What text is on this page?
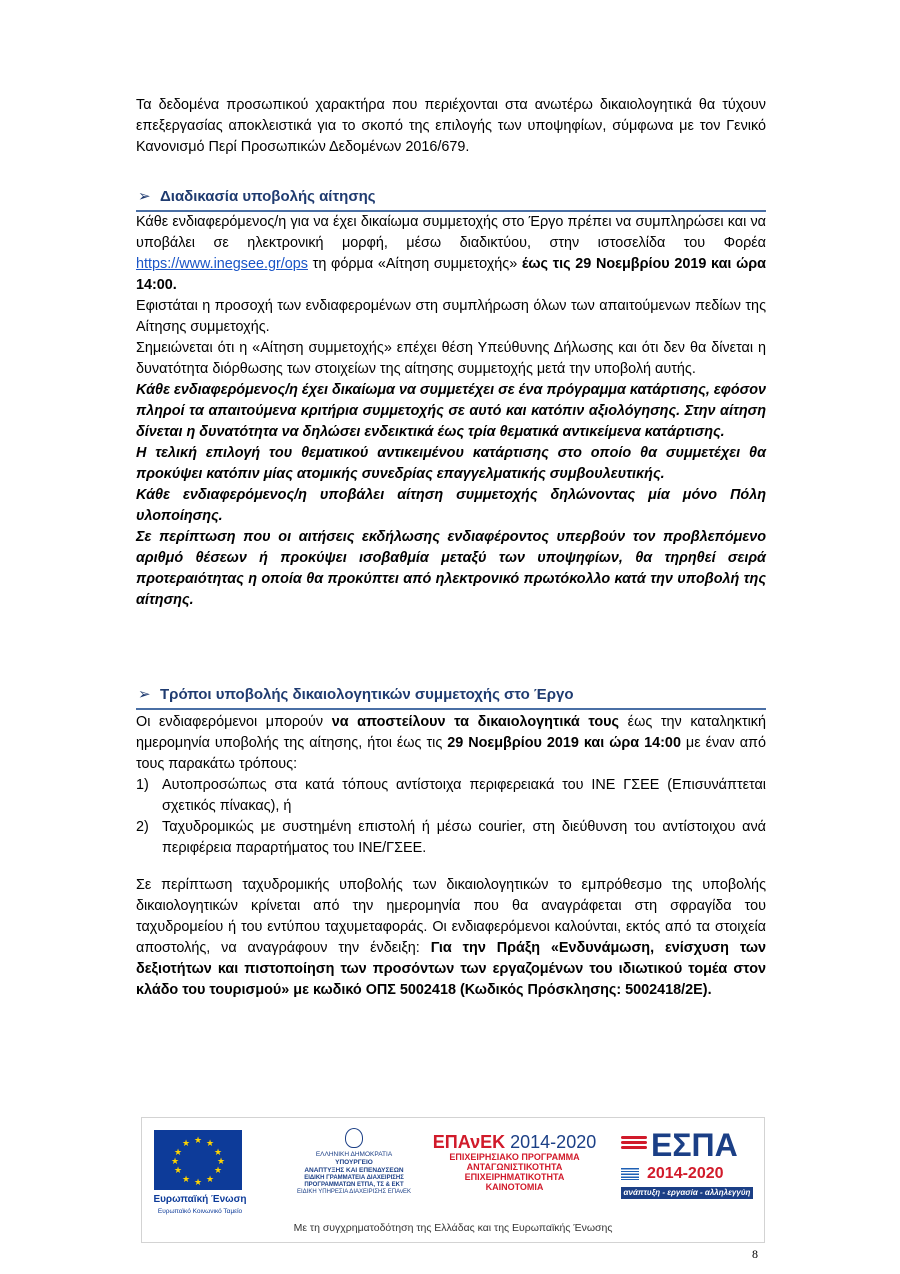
Τα δεδομένα προσωπικού χαρακτήρα που περιέχονται στα ανωτέρω δικαιολογητικά θα τύχουν επεξεργασίας αποκλειστικά για το σκοπό της επιλογής των υποψηφίων, σύμφωνα με τον Γενικό Κανονισμό Περί Προσωπικών Δεδομένων 2016/679.

➢ Διαδικασία υποβολής αίτησης
Κάθε ενδιαφερόμενος/η για να έχει δικαίωμα συμμετοχής στο Έργο πρέπει να συμπληρώσει και να υποβάλει σε ηλεκτρονική μορφή, μέσω διαδικτύου, στην ιστοσελίδα του Φορέα https://www.inegsee.gr/ops τη φόρμα «Αίτηση συμμετοχής» έως τις 29 Νοεμβρίου 2019 και ώρα 14:00.
Εφιστάται η προσοχή των ενδιαφερομένων στη συμπλήρωση όλων των απαιτούμενων πεδίων της Αίτησης συμμετοχής.
Σημειώνεται ότι η «Αίτηση συμμετοχής» επέχει θέση Υπεύθυνης Δήλωσης και ότι δεν θα δίνεται η δυνατότητα διόρθωσης των στοιχείων της αίτησης συμμετοχής μετά την υποβολή αυτής.
Κάθε ενδιαφερόμενος/η έχει δικαίωμα να συμμετέχει σε ένα πρόγραμμα κατάρτισης, εφόσον πληροί τα απαιτούμενα κριτήρια συμμετοχής σε αυτό και κατόπιν αξιολόγησης. Στην αίτηση δίνεται η δυνατότητα να δηλώσει ενδεικτικά έως τρία θεματικά αντικείμενα κατάρτισης.
Η τελική επιλογή του θεματικού αντικειμένου κατάρτισης στο οποίο θα συμμετέχει θα προκύψει κατόπιν μίας ατομικής συνεδρίας επαγγελματικής συμβουλευτικής.
Κάθε ενδιαφερόμενος/η υποβάλει αίτηση συμμετοχής δηλώνοντας μία μόνο Πόλη υλοποίησης.
Σε περίπτωση που οι αιτήσεις εκδήλωσης ενδιαφέροντος υπερβούν τον προβλεπόμενο αριθμό θέσεων ή προκύψει ισοβαθμία μεταξύ των υποψηφίων, θα τηρηθεί σειρά προτεραιότητας η οποία θα προκύπτει από ηλεκτρονικό πρωτόκολλο κατά την υποβολή της αίτησης.
➢ Τρόποι υποβολής δικαιολογητικών συμμετοχής στο Έργο
Οι ενδιαφερόμενοι μπορούν να αποστείλουν τα δικαιολογητικά τους έως την καταληκτική ημερομηνία υποβολής της αίτησης, ήτοι έως τις 29 Νοεμβρίου 2019 και ώρα 14:00 με έναν από τους παρακάτω τρόπους:
1) Αυτοπροσώπως στα κατά τόπους αντίστοιχα περιφερειακά του ΙΝΕ ΓΣΕΕ (Επισυνάπτεται σχετικός πίνακας), ή
2) Ταχυδρομικώς με συστημένη επιστολή ή μέσω courier, στη διεύθυνση του αντίστοιχου ανά περιφέρεια παραρτήματος του ΙΝΕ/ΓΣΕΕ.
Σε περίπτωση ταχυδρομικής υποβολής των δικαιολογητικών το εμπρόθεσμο της υποβολής δικαιολογητικών κρίνεται από την ημερομηνία που θα αναγράφεται στη σφραγίδα του ταχυδρομείου ή του εντύπου ταχυμεταφοράς. Οι ενδιαφερόμενοι καλούνται, εκτός από τα στοιχεία αποστολής, να αναγράφουν την ένδειξη: Για την Πράξη «Ενδυνάμωση, ενίσχυση των δεξιοτήτων και πιστοποίηση των προσόντων των εργαζομένων του ιδιωτικού τομέα στον κλάδο του τουρισμού» με κωδικό ΟΠΣ 5002418 (Κωδικός Πρόσκλησης: 5002418/2Ε).
★ ★
★
★
★
★
★
★
★
★
★
★
Ευρωπαϊκή Ένωση
Ευρωπαϊκό Κοινωνικό Ταμείο
ΕΛΛΗΝΙΚΗ ΔΗΜΟΚΡΑΤΙΑ
ΥΠΟΥΡΓΕΙΟ
ΑΝΑΠΤΥΞΗΣ ΚΑΙ ΕΠΕΝΔΥΣΕΩΝ
ΕΙΔΙΚΗ ΓΡΑΜΜΑΤΕΙΑ ΔΙΑΧΕΙΡΙΣΗΣ
ΠΡΟΓΡΑΜΜΑΤΩΝ ΕΤΠΑ, ΤΣ & ΕΚΤ
ΕΙΔΙΚΗ ΥΠΗΡΕΣΙΑ ΔΙΑΧΕΙΡΙΣΗΣ ΕΠΑνΕΚ
ΕΠΑνΕΚ 2014-2020
ΕΠΙΧΕΙΡΗΣΙΑΚΟ ΠΡΟΓΡΑΜΜΑ
ΑΝΤΑΓΩΝΙΣΤΙΚΟΤΗΤΑ
ΕΠΙΧΕΙΡΗΜΑΤΙΚΟΤΗΤΑ
ΚΑΙΝΟΤΟΜΙΑ
ΕΣΠΑ
2014-2020
ανάπτυξη - εργασία - αλληλεγγύη
Με τη συγχρηματοδότηση της Ελλάδας και της Ευρωπαϊκής Ένωσης
8
